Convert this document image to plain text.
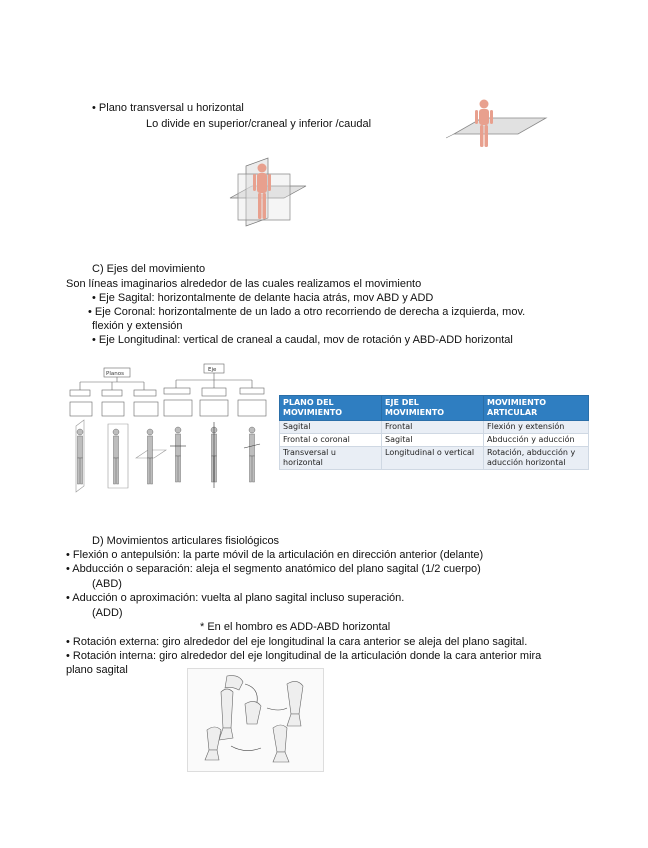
• Plano transversal u horizontal
Lo divide en superior/craneal y inferior /caudal
C) Ejes del movimiento
Son líneas imaginarios alrededor de las cuales realizamos el movimiento
• Eje Sagital: horizontalmente de delante hacia atrás, mov ABD y ADD
• Eje Coronal: horizontalmente de un lado a otro recorriendo de derecha a izquierda, mov.
flexión y extensión
• Eje Longitudinal: vertical de craneal a caudal, mov de rotación y ABD-ADD horizontal
Planos
Eje
PLANO DEL MOVIMIENTO	EJE DEL MOVIMIENTO	MOVIMIENTO ARTICULAR
Sagital	Frontal	Flexión y extensión
Frontal o coronal	Sagital	Abducción y aducción
Transversal u horizontal	Longitudinal o vertical	Rotación, abducción y aducción horizontal
D) Movimientos articulares fisiológicos
• Flexión o antepulsión: la parte móvil de la articulación en dirección anterior (delante)
• Abducción o separación: aleja el segmento anatómico del plano sagital (1/2 cuerpo)
(ABD)
• Aducción o aproximación: vuelta al plano sagital incluso superación.
(ADD)
* En el hombro es ADD-ABD horizontal
• Rotación externa: giro alrededor del eje longitudinal la cara anterior se aleja del plano sagital.
• Rotación interna: giro alrededor del eje longitudinal de la articulación donde la cara anterior mira
plano sagital
